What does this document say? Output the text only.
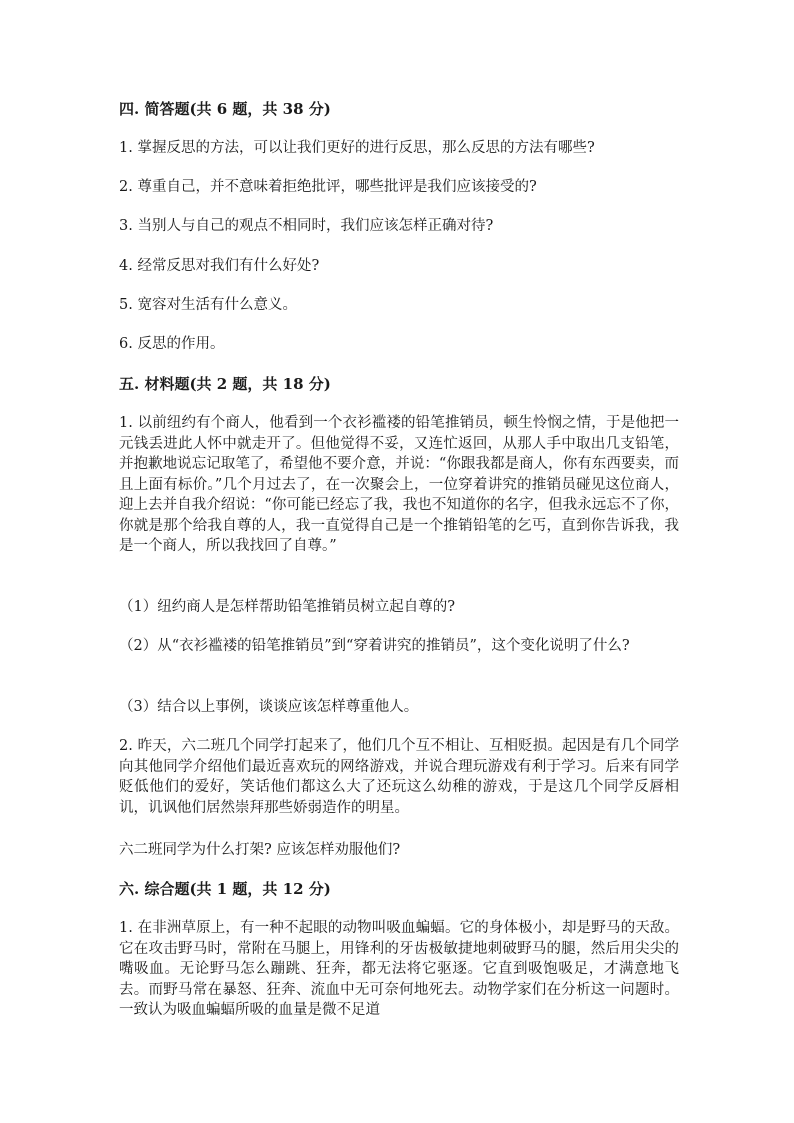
四. 简答题(共 6 题，共 38 分)
1. 掌握反思的方法，可以让我们更好的进行反思，那么反思的方法有哪些?
2. 尊重自己，并不意味着拒绝批评，哪些批评是我们应该接受的?
3. 当别人与自己的观点不相同时，我们应该怎样正确对待?
4. 经常反思对我们有什么好处?
5. 宽容对生活有什么意义。
6. 反思的作用。
五. 材料题(共 2 题，共 18 分)
1. 以前纽约有个商人，他看到一个衣衫褴褛的铅笔推销员，顿生怜悯之情，于是他把一元钱丢进此人怀中就走开了。但他觉得不妥，又连忙返回，从那人手中取出几支铅笔，并抱歉地说忘记取笔了，希望他不要介意，并说：“你跟我都是商人，你有东西要卖，而且上面有标价。”几个月过去了，在一次聚会上，一位穿着讲究的推销员碰见这位商人，迎上去并自我介绍说：“你可能已经忘了我，我也不知道你的名字，但我永远忘不了你，你就是那个给我自尊的人，我一直觉得自己是一个推销铅笔的乞丐，直到你告诉我，我是一个商人，所以我找回了自尊。”
（1）纽约商人是怎样帮助铅笔推销员树立起自尊的?
（2）从“衣衫褴褛的铅笔推销员”到“穿着讲究的推销员”，这个变化说明了什么?
（3）结合以上事例，谈谈应该怎样尊重他人。
2. 昨天，六二班几个同学打起来了，他们几个互不相让、互相贬损。起因是有几个同学向其他同学介绍他们最近喜欢玩的网络游戏，并说合理玩游戏有利于学习。后来有同学贬低他们的爱好，笑话他们都这么大了还玩这么幼稚的游戏，于是这几个同学反唇相讥，讥讽他们居然崇拜那些娇弱造作的明星。
六二班同学为什么打架? 应该怎样劝服他们?
六. 综合题(共 1 题，共 12 分)
1. 在非洲草原上，有一种不起眼的动物叫吸血蝙蝠。它的身体极小，却是野马的天敌。它在攻击野马时，常附在马腿上，用锋利的牙齿极敏捷地刺破野马的腿，然后用尖尖的嘴吸血。无论野马怎么蹦跳、狂奔，都无法将它驱逐。它直到吸饱吸足，才满意地飞去。而野马常在暴怒、狂奔、流血中无可奈何地死去。动物学家们在分析这一问题时。一致认为吸血蝙蝠所吸的血量是微不足道
